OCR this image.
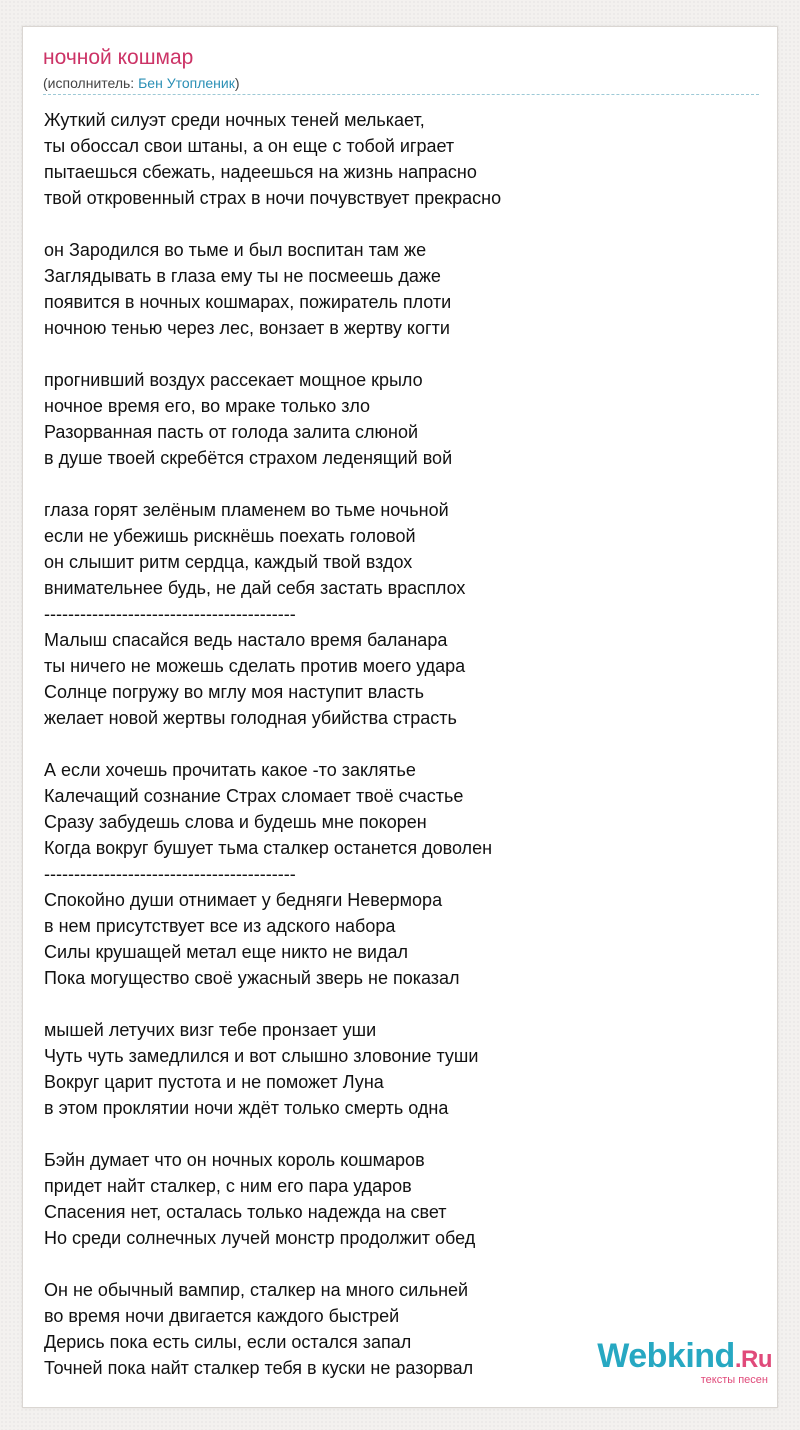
ночной кошмар
(исполнитель: Бен Утопленик)
Жуткий силуэт среди ночных теней мелькает,
ты обоссал свои штаны, а он еще с тобой играет
пытаешься сбежать, надеешься на жизнь напрасно
твой откровенный страх в ночи почувствует прекрасно
он Зародился во тьме и был воспитан там же
Заглядывать в глаза ему ты не посмеешь даже
появится в ночных кошмарах, пожиратель плоти
ночною тенью через лес, вонзает в жертву когти
прогнивший воздух рассекает мощное крыло
ночное время его, во мраке только зло
Разорванная пасть от голода залита слюной
в душе твоей скребётся страхом леденящий вой
глаза горят зелёным пламенем во тьме ночьной
если не убежишь рискнёшь поехать головой
он слышит ритм сердца, каждый твой вздох
внимательнее будь, не дай себя застать врасплох
------------------------------------------
Малыш спасайся ведь настало время баланара
ты ничего не можешь сделать против моего удара
Солнце погружу во мглу моя наступит власть
желает новой жертвы голодная убийства страсть
А если хочешь прочитать какое -то заклятье
Калечащий сознание Страх сломает твоё счастье
Сразу забудешь слова и будешь мне покорен
Когда вокруг бушует тьма сталкер останется доволен
------------------------------------------
Спокойно души отнимает у бедняги Невермора
в нем присутствует все из адского набора
Силы крушащей метал еще никто не видал
Пока могущество своё ужасный зверь не показал
мышей летучих визг тебе пронзает уши
Чуть чуть замедлился и вот слышно зловоние туши
Вокруг царит пустота и не поможет Луна
в этом проклятии ночи ждёт только смерть одна
Бэйн думает что он ночных король кошмаров
придет найт сталкер, с ним его пара ударов
Спасения нет, осталась только надежда на свет
Но среди солнечных лучей монстр продолжит обед
Он не обычный вампир, сталкер на много сильней
во время ночи двигается каждого быстрей
Дерись пока есть силы, если остался запал
Точней пока найт сталкер тебя в куски не разорвал	Webkind.Ru
тексты песен
